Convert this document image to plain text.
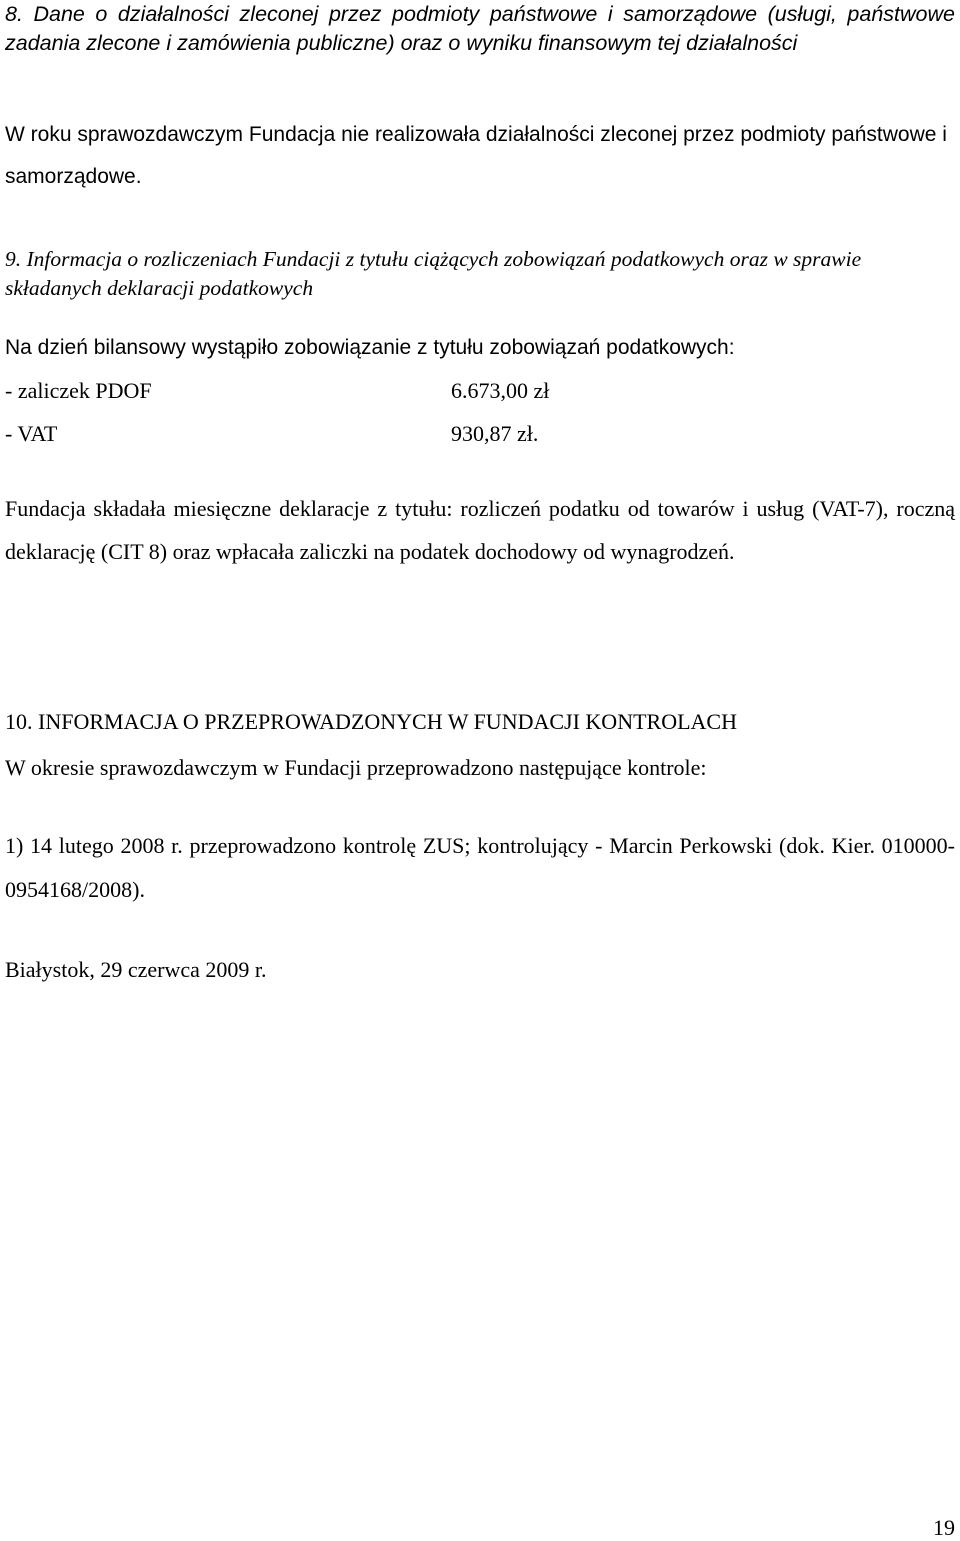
8. Dane o działalności zleconej przez podmioty państwowe i samorządowe (usługi, państwowe zadania zlecone i zamówienia publiczne) oraz o wyniku finansowym tej działalności

W roku sprawozdawczym Fundacja nie realizowała działalności zleconej przez podmioty państwowe i samorządowe.

9. Informacja o rozliczeniach Fundacji z tytułu ciążących zobowiązań podatkowych oraz w sprawie składanych deklaracji podatkowych

Na dzień bilansowy wystąpiło zobowiązanie z tytułu zobowiązań podatkowych:

- zaliczek PDOF	6.673,00 zł
- VAT	930,87 zł.

Fundacja składała miesięczne deklaracje z tytułu: rozliczeń podatku od towarów i usług (VAT-7), roczną deklarację (CIT 8) oraz wpłacała zaliczki na podatek dochodowy od wynagrodzeń.

10. INFORMACJA O PRZEPROWADZONYCH W FUNDACJI KONTROLACH

W okresie sprawozdawczym w Fundacji przeprowadzono następujące kontrole:

1) 14 lutego 2008 r. przeprowadzono kontrolę ZUS; kontrolujący - Marcin Perkowski (dok. Kier. 010000-0954168/2008).

Białystok, 29 czerwca 2009 r.

19
